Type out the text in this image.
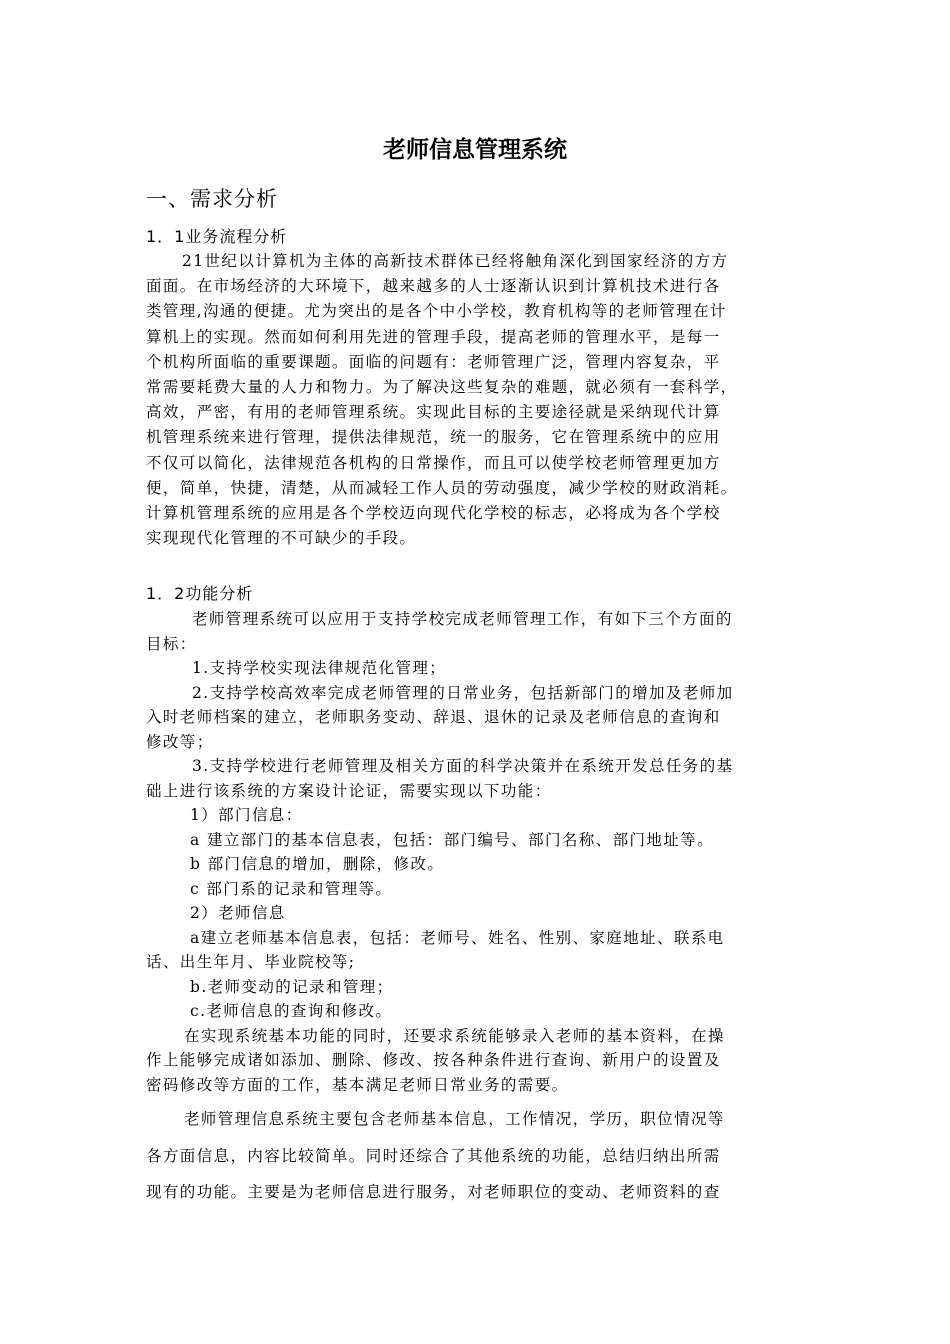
老师信息管理系统
一、需求分析
1．1业务流程分析

21世纪以计算机为主体的高新技术群体已经将触角深化到国家经济的方方

面面。在市场经济的大环境下，越来越多的人士逐渐认识到计算机技术进行各

类管理,沟通的便捷。尤为突出的是各个中小学校，教育机构等的老师管理在计

算机上的实现。然而如何利用先进的管理手段，提高老师的管理水平，是每一

个机构所面临的重要课题。面临的问题有：老师管理广泛，管理内容复杂，平

常需要耗费大量的人力和物力。为了解决这些复杂的难题，就必须有一套科学，

高效，严密，有用的老师管理系统。实现此目标的主要途径就是采纳现代计算

机管理系统来进行管理，提供法律规范，统一的服务，它在管理系统中的应用

不仅可以简化，法律规范各机构的日常操作，而且可以使学校老师管理更加方

便，简单，快捷，清楚，从而减轻工作人员的劳动强度，减少学校的财政消耗。

计算机管理系统的应用是各个学校迈向现代化学校的标志，必将成为各个学校

实现现代化管理的不可缺少的手段。

1．2功能分析

老师管理系统可以应用于支持学校完成老师管理工作，有如下三个方面的

目标：

1.支持学校实现法律规范化管理；

2.支持学校高效率完成老师管理的日常业务，包括新部门的增加及老师加

入时老师档案的建立，老师职务变动、辞退、退休的记录及老师信息的查询和

修改等；

3.支持学校进行老师管理及相关方面的科学决策并在系统开发总任务的基

础上进行该系统的方案设计论证，需要实现以下功能：

1）部门信息：

a 建立部门的基本信息表，包括：部门编号、部门名称、部门地址等。

b 部门信息的增加，删除，修改。

c 部门系的记录和管理等。

2）老师信息

a建立老师基本信息表，包括：老师号、姓名、性别、家庭地址、联系电

话、出生年月、毕业院校等;

b.老师变动的记录和管理；

c.老师信息的查询和修改。

在实现系统基本功能的同时，还要求系统能够录入老师的基本资料，在操

作上能够完成诸如添加、删除、修改、按各种条件进行查询、新用户的设置及

密码修改等方面的工作，基本满足老师日常业务的需要。

老师管理信息系统主要包含老师基本信息，工作情况，学历，职位情况等

各方面信息，内容比较简单。同时还综合了其他系统的功能，总结归纳出所需

现有的功能。主要是为老师信息进行服务，对老师职位的变动、老师资料的查
